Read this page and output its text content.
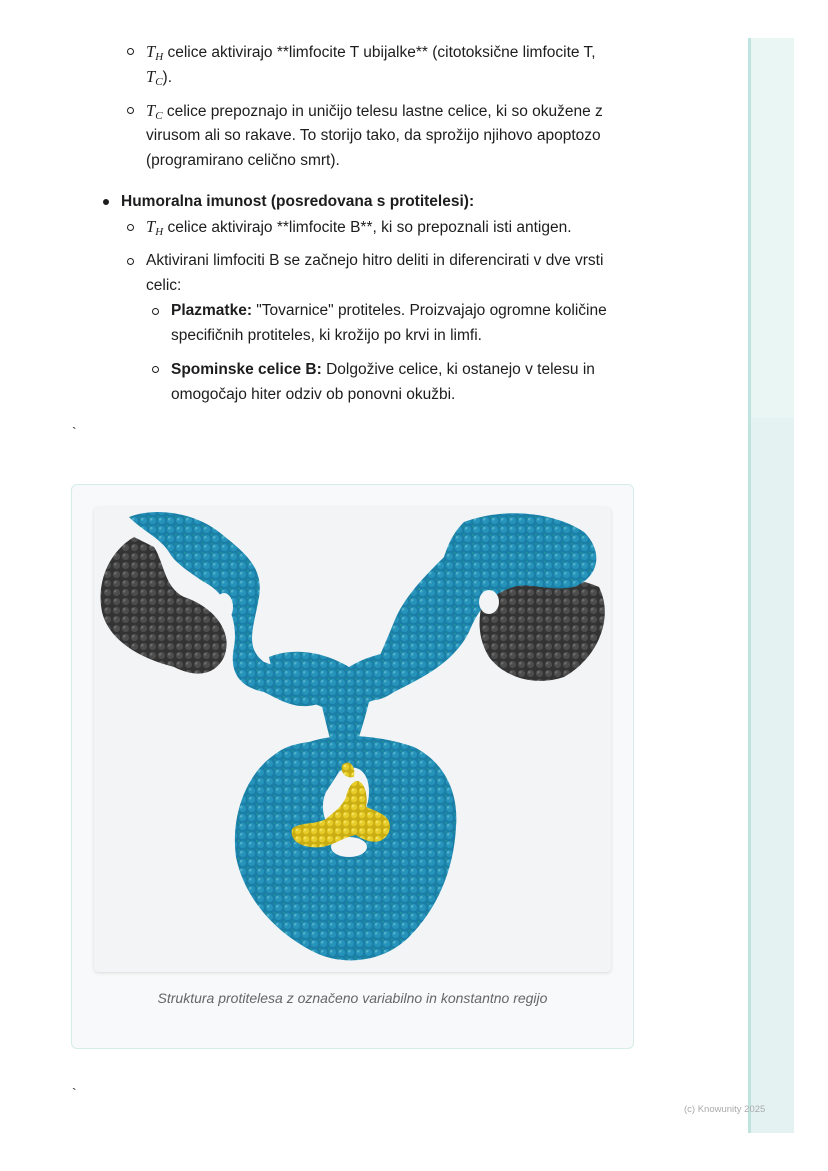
$T_H$ celice aktivirajo **limfocite T ubijalke** (citotoksične limfocite T,
$T_C$).
$T_C$ celice prepoznajo in uničijo telesu lastne celice, ki so okužene z
virusom ali so rakave. To storijo tako, da sprožijo njihovo apoptozo
(programirano celično smrt).
Humoralna imunost (posredovana s protitelesi):
$T_H$ celice aktivirajo **limfocite B**, ki so prepoznali isti antigen.
Aktivirani limfociti B se začnejo hitro deliti in diferencirati v dve vrsti
celic:
Plazmatke: "Tovarnice" protiteles. Proizvajajo ogromne količine
specifičnih protiteles, ki krožijo po krvi in limfi.
Spominske celice B: Dolgožive celice, ki ostanejo v telesu in
omogočajo hiter odziv ob ponovni okužbi.
`
Struktura protitelesa z označeno variabilno in konstantno regijo
`
(c) Knowunity 2025
